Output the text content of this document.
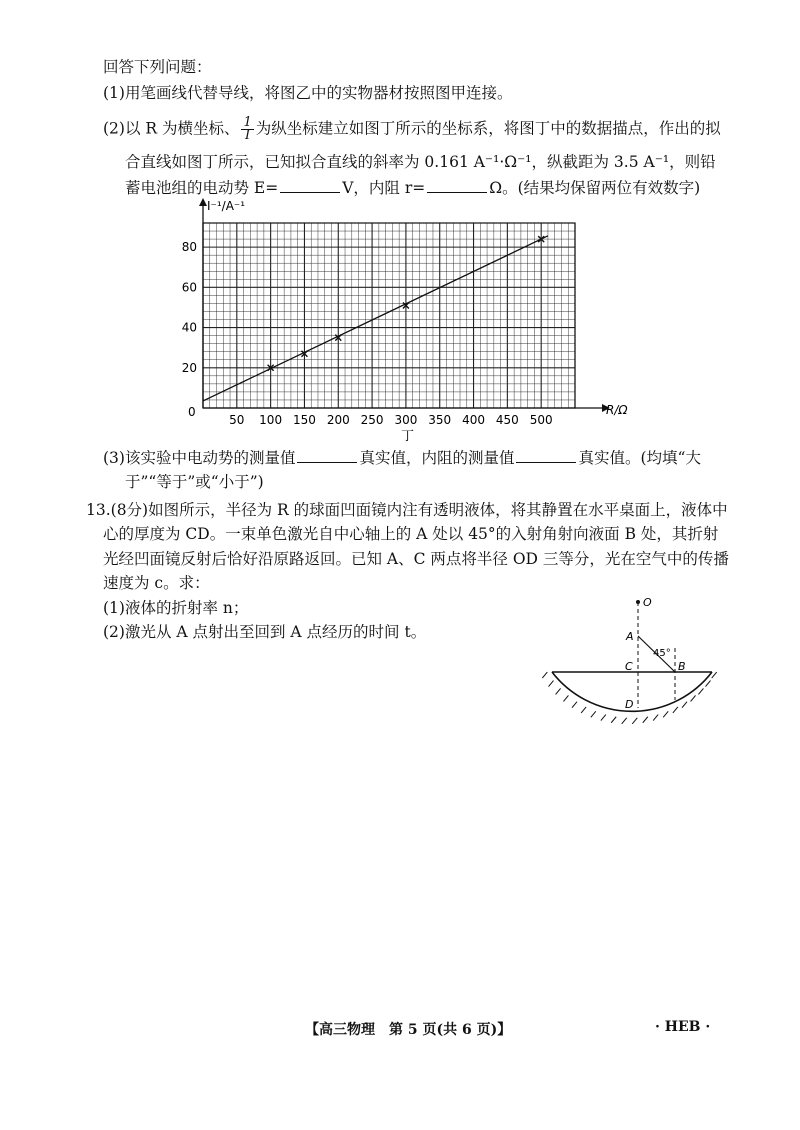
回答下列问题：
(1)用笔画线代替导线，将图乙中的实物器材按照图甲连接。
(2)以 R 为横坐标、 $\frac{1}{I}$ 为纵坐标建立如图丁所示的坐标系，将图丁中的数据描点，作出的拟
合直线如图丁所示，已知拟合直线的斜率为 0.161 A⁻¹·Ω⁻¹，纵截距为 3.5 A⁻¹，则铅
蓄电池组的电动势 E=	V，内阻 r=	Ω。(结果均保留两位有效数字)
50 100 150 200 250 300 350 400 450 500
20
40
60
80
I⁻¹/A⁻¹
R/Ω
0
丁
O
A
C	B
D
45°
(3)该实验中电动势的测量值	真实值，内阻的测量值	真实值。(均填“大
于”“等于”或“小于”)
13.(8分)如图所示，半径为 R 的球面凹面镜内注有透明液体，将其静置在水平桌面上，液体中
心的厚度为 CD。一束单色激光自中心轴上的 A 处以 45°的入射角射向液面 B 处，其折射
光经凹面镜反射后恰好沿原路返回。已知 A、C 两点将半径 OD 三等分，光在空气中的传播
速度为 c。求：
(1)液体的折射率 n；
(2)激光从 A 点射出至回到 A 点经历的时间 t。
【高三物理　第 5 页(共 6 页)】	· HEB ·
